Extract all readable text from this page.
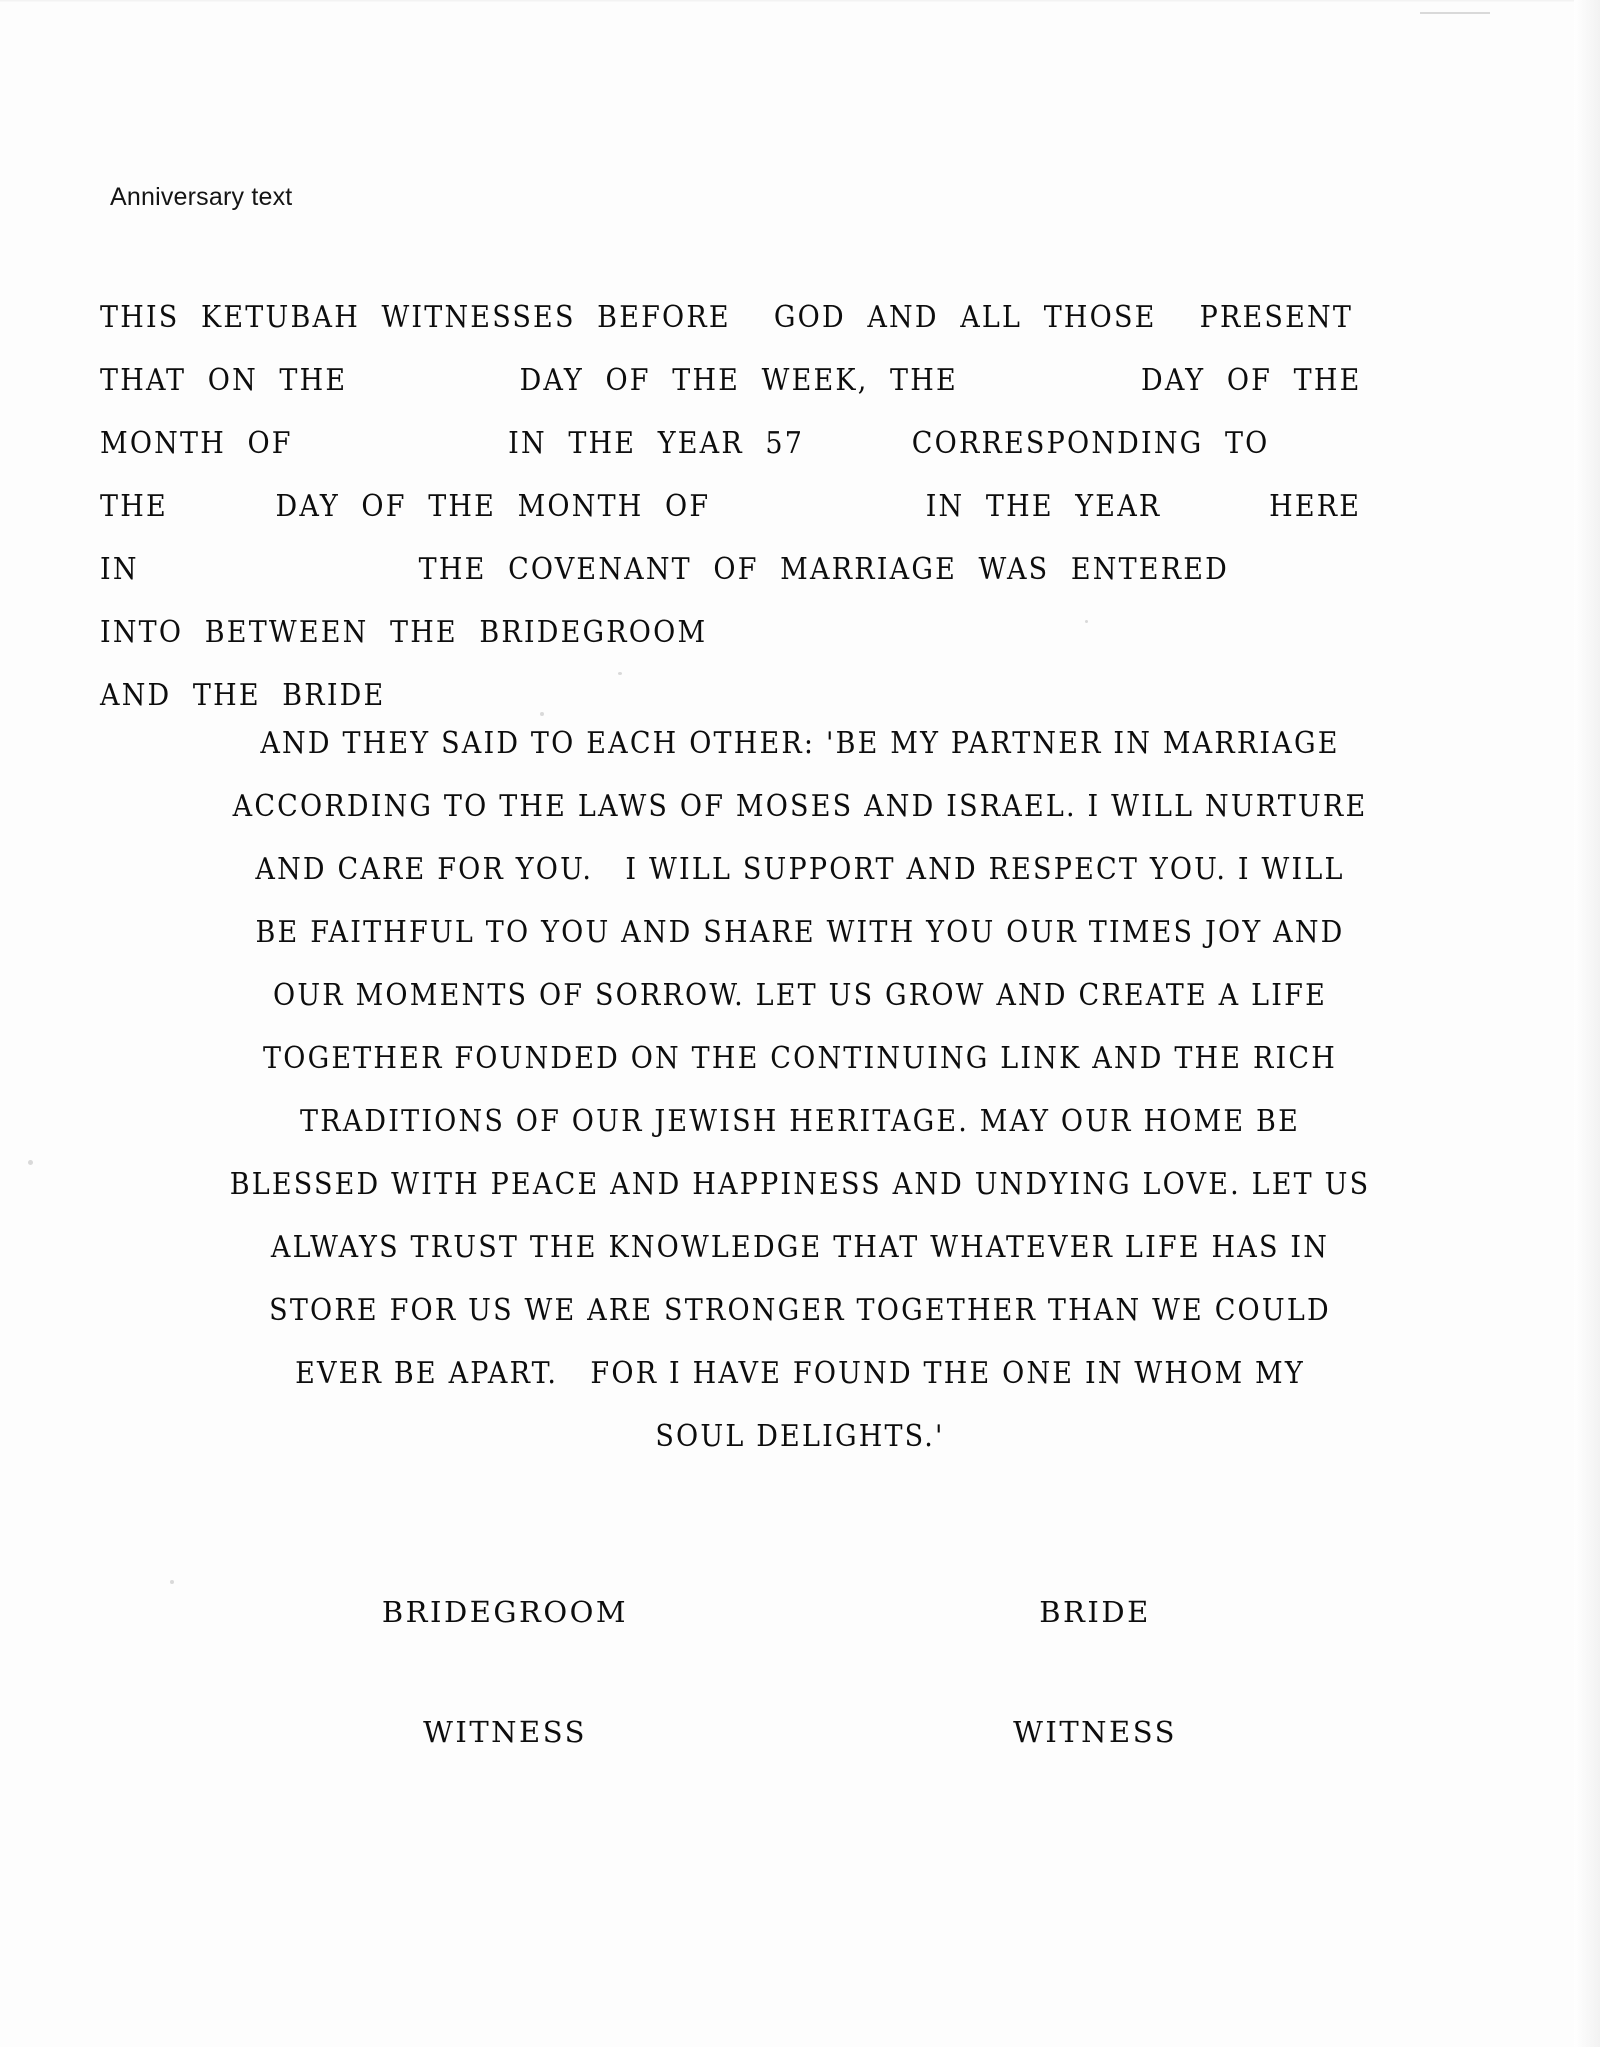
Anniversary text
THIS  KETUBAH  WITNESSES  BEFORE    GOD  AND  ALL  THOSE    PRESENT
THAT  ON  THE                DAY  OF  THE  WEEK,  THE                 DAY  OF  THE
MONTH  OF                    IN  THE  YEAR  57          CORRESPONDING  TO
THE          DAY  OF  THE  MONTH  OF                    IN  THE  YEAR          HERE
IN                          THE  COVENANT  OF  MARRIAGE  WAS  ENTERED
INTO  BETWEEN  THE  BRIDEGROOM
AND  THE  BRIDE
AND THEY SAID TO EACH OTHER: 'BE MY PARTNER IN MARRIAGE
ACCORDING TO THE LAWS OF MOSES AND ISRAEL. I WILL NURTURE
AND CARE FOR YOU.   I WILL SUPPORT AND RESPECT YOU. I WILL
BE FAITHFUL TO YOU AND SHARE WITH YOU OUR TIMES JOY AND
OUR MOMENTS OF SORROW. LET US GROW AND CREATE A LIFE
TOGETHER FOUNDED ON THE CONTINUING LINK AND THE RICH
TRADITIONS OF OUR JEWISH HERITAGE. MAY OUR HOME BE
BLESSED WITH PEACE AND HAPPINESS AND UNDYING LOVE. LET US
ALWAYS TRUST THE KNOWLEDGE THAT WHATEVER LIFE HAS IN
STORE FOR US WE ARE STRONGER TOGETHER THAN WE COULD
EVER BE APART.   FOR I HAVE FOUND THE ONE IN WHOM MY
SOUL DELIGHTS.'
BRIDEGROOM	BRIDE
WITNESS	WITNESS
